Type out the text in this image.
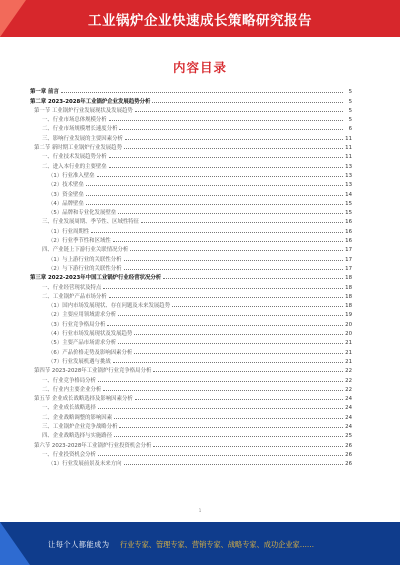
工业锅炉企业快速成长策略研究报告
内容目录
第一章 前言	5
第二章 2023-2028年工业锅炉企业发展趋势分析	5
第一节 工业锅炉行业发展现状及发展趋势	5
一、行业市场总体规模分析	5
二、行业市场规模增长速度分析	6
三、影响行业发展的主要因素分析	11
第二节 新时期工业锅炉行业发展趋势	11
一、行业技术发展趋势分析	11
二、进入本行业的主要壁垒	13
（1）行业准入壁垒	13
（2）技术壁垒	13
（3）资金壁垒	14
（4）品牌壁垒	15
（5）品牌和专业化发展壁垒	15
三、行业发展周期、季节性、区域性特征	16
（1）行业周期性	16
（2）行业季节性和区域性	16
四、产业链上下游行业关联情况分析	17
（1）与上游行业的关联性分析	17
（2）与下游行业的关联性分析	17
第三章 2022-2023年中国工业锅炉行业经营状况分析	18
一、行业经营现状及特点	18
二、工业锅炉产品市场分析	18
（1）国内市场发展现状、存在问题及未来发展趋势	18
（2）主要应用领域需求分析	19
（3）行业竞争格局分析	20
（4）行业市场发展现状及发展趋势	20
（5）主要产品市场需求分析	21
（6）产品价格走势及影响因素分析	21
（7）行业发展机遇与挑战	21
第四节 2023-2028年工业锅炉行业竞争格局分析	22
一、行业竞争格局分析	22
二、行业内主要企业分析	22
第五节 企业成长战略选择及影响因素分析	24
一、企业成长战略选择	24
二、企业战略调整的影响因素	24
三、工业锅炉企业竞争战略分析	24
四、企业战略选择与实施路径	25
第六节 2023-2028年工业锅炉行业投资机会分析	26
一、行业投资机会分析	26
（1）行业发展前景及未来方向	26
1
让每个人都能成为 行业专家、管理专家、营销专家、战略专家、成功企业家……
